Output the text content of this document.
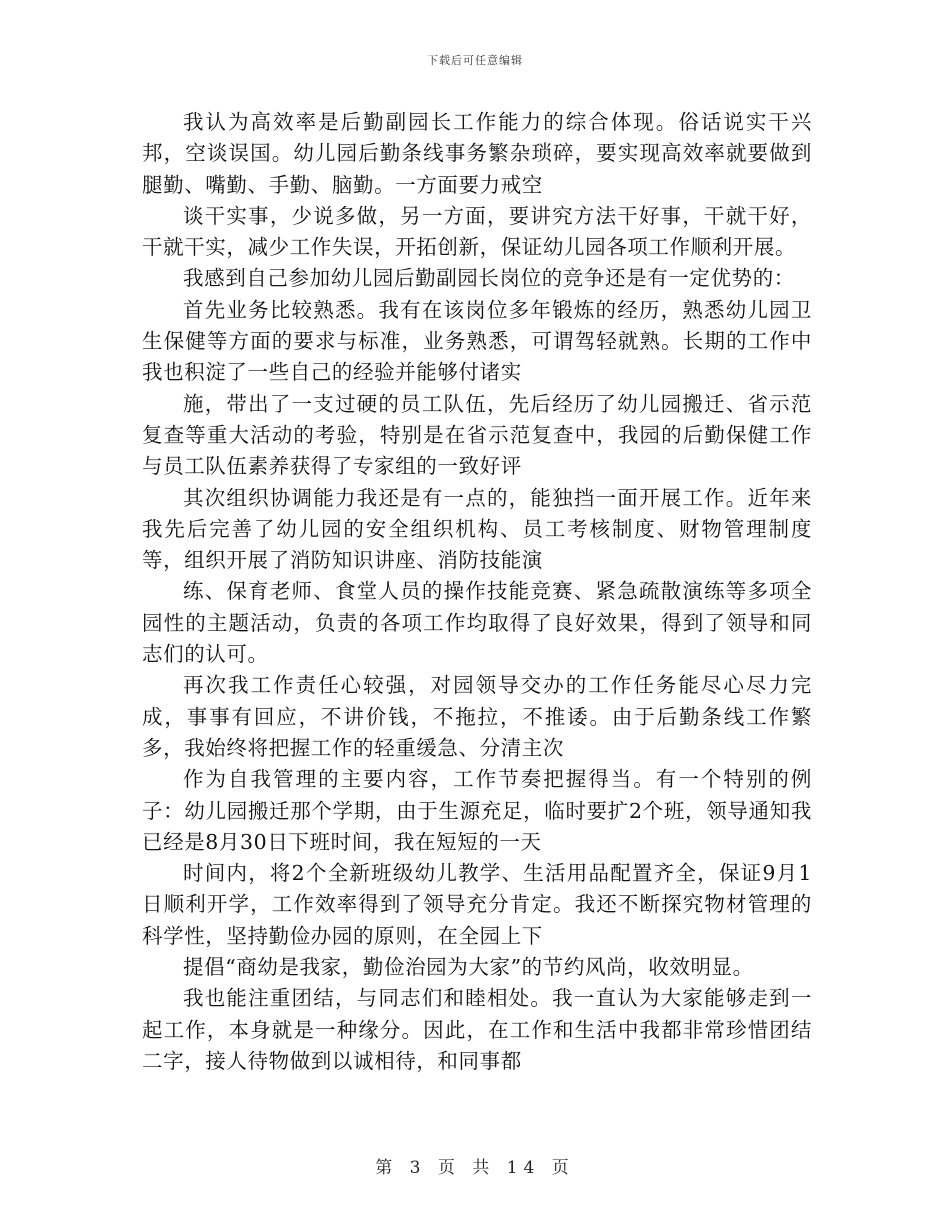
下载后可任意编辑

我认为高效率是后勤副园长工作能力的综合体现。俗话说实干兴邦，空谈误国。幼儿园后勤条线事务繁杂琐碎，要实现高效率就要做到腿勤、嘴勤、手勤、脑勤。一方面要力戒空

谈干实事，少说多做，另一方面，要讲究方法干好事，干就干好，干就干实，减少工作失误，开拓创新，保证幼儿园各项工作顺利开展。

我感到自己参加幼儿园后勤副园长岗位的竞争还是有一定优势的：

首先业务比较熟悉。我有在该岗位多年锻炼的经历，熟悉幼儿园卫生保健等方面的要求与标准，业务熟悉，可谓驾轻就熟。长期的工作中我也积淀了一些自己的经验并能够付诸实

施，带出了一支过硬的员工队伍，先后经历了幼儿园搬迁、省示范复查等重大活动的考验，特别是在省示范复查中，我园的后勤保健工作与员工队伍素养获得了专家组的一致好评

其次组织协调能力我还是有一点的，能独挡一面开展工作。近年来我先后完善了幼儿园的安全组织机构、员工考核制度、财物管理制度等，组织开展了消防知识讲座、消防技能演

练、保育老师、食堂人员的操作技能竞赛、紧急疏散演练等多项全园性的主题活动，负责的各项工作均取得了良好效果，得到了领导和同志们的认可。

再次我工作责任心较强，对园领导交办的工作任务能尽心尽力完成，事事有回应，不讲价钱，不拖拉，不推诿。由于后勤条线工作繁多，我始终将把握工作的轻重缓急、分清主次

作为自我管理的主要内容，工作节奏把握得当。有一个特别的例子：幼儿园搬迁那个学期，由于生源充足，临时要扩2个班，领导通知我已经是8月30日下班时间，我在短短的一天

时间内，将2个全新班级幼儿教学、生活用品配置齐全，保证9月1日顺利开学，工作效率得到了领导充分肯定。我还不断探究物材管理的科学性，坚持勤俭办园的原则，在全园上下

提倡“商幼是我家，勤俭治园为大家”的节约风尚，收效明显。

我也能注重团结，与同志们和睦相处。我一直认为大家能够走到一起工作，本身就是一种缘分。因此，在工作和生活中我都非常珍惜团结二字，接人待物做到以诚相待，和同事都

第 3 页 共 14 页
